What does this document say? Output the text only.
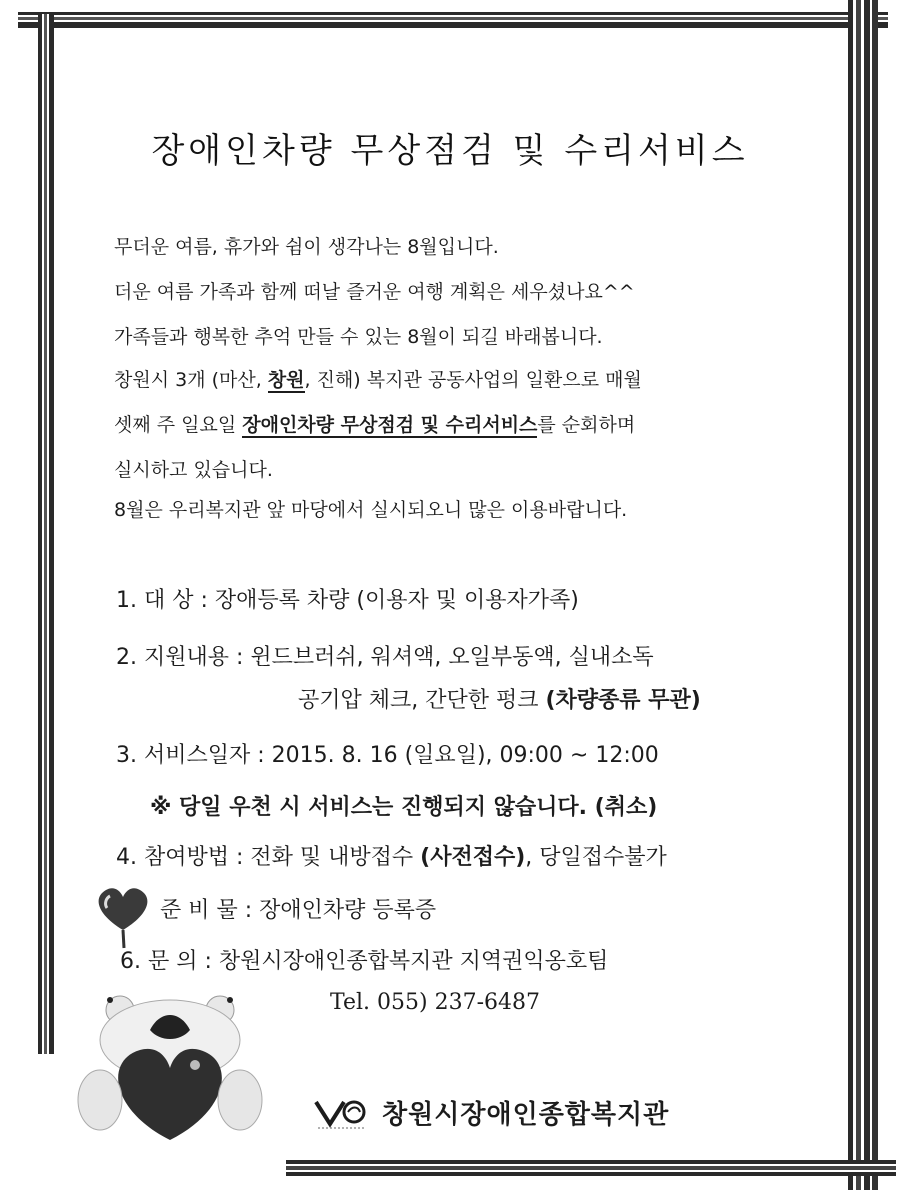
장애인차량 무상점검 및 수리서비스
무더운 여름, 휴가와 쉼이 생각나는 8월입니다.
더운 여름 가족과 함께 떠날 즐거운 여행 계획은 세우셨나요^^
가족들과 행복한 추억 만들 수 있는 8월이 되길 바래봅니다.
창원시 3개 (마산, 창원, 진해) 복지관 공동사업의 일환으로 매월
셋째 주 일요일 장애인차량 무상점검 및 수리서비스를 순회하며
실시하고 있습니다.
8월은 우리복지관 앞 마당에서 실시되오니 많은 이용바랍니다.
1. 대 상 : 장애등록 차량 (이용자 및 이용자가족)
2. 지원내용 : 윈드브러쉬, 워셔액, 오일부동액, 실내소독
공기압 체크, 간단한 펑크 (차량종류 무관)
3. 서비스일자 : 2015. 8. 16 (일요일), 09:00 ~ 12:00
※ 당일 우천 시 서비스는 진행되지 않습니다. (취소)
4. 참여방법 : 전화 및 내방접수 (사전접수), 당일접수불가
준 비 물 : 장애인차량 등록증
6. 문 의 : 창원시장애인종합복지관 지역권익옹호팀
Tel. 055) 237-6487
창원시장애인종합복지관
